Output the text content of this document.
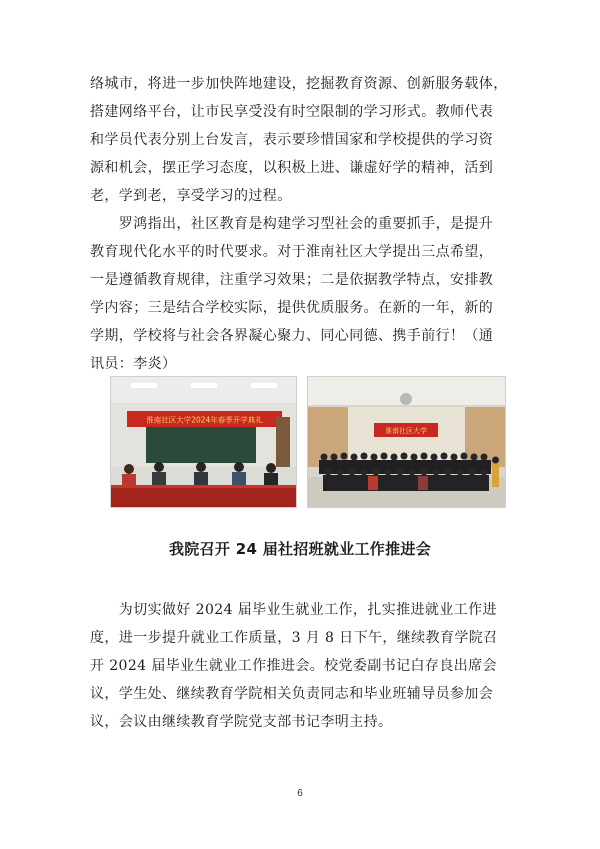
络城市，将进一步加快阵地建设，挖掘教育资源、创新服务载体，
搭建网络平台，让市民享受没有时空限制的学习形式。教师代表
和学员代表分别上台发言，表示要珍惜国家和学校提供的学习资
源和机会，摆正学习态度，以积极上进、谦虚好学的精神，活到
老，学到老，享受学习的过程。

　　罗鸿指出，社区教育是构建学习型社会的重要抓手，是提升
教育现代化水平的时代要求。对于淮南社区大学提出三点希望，
一是遵循教育规律，注重学习效果；二是依据教学特点，安排教
学内容；三是结合学校实际，提供优质服务。在新的一年，新的
学期，学校将与社会各界凝心聚力、同心同德、携手前行！（通
讯员：李炎）

淮南社区大学2024年春季开学典礼
淮南社区大学
我院召开 24 届社招班就业工作推进会

　　为切实做好 2024 届毕业生就业工作，扎实推进就业工作进
度，进一步提升就业工作质量，3 月 8 日下午，继续教育学院召
开 2024 届毕业生就业工作推进会。校党委副书记白存良出席会
议，学生处、继续教育学院相关负责同志和毕业班辅导员参加会
议，会议由继续教育学院党支部书记李明主持。

6
